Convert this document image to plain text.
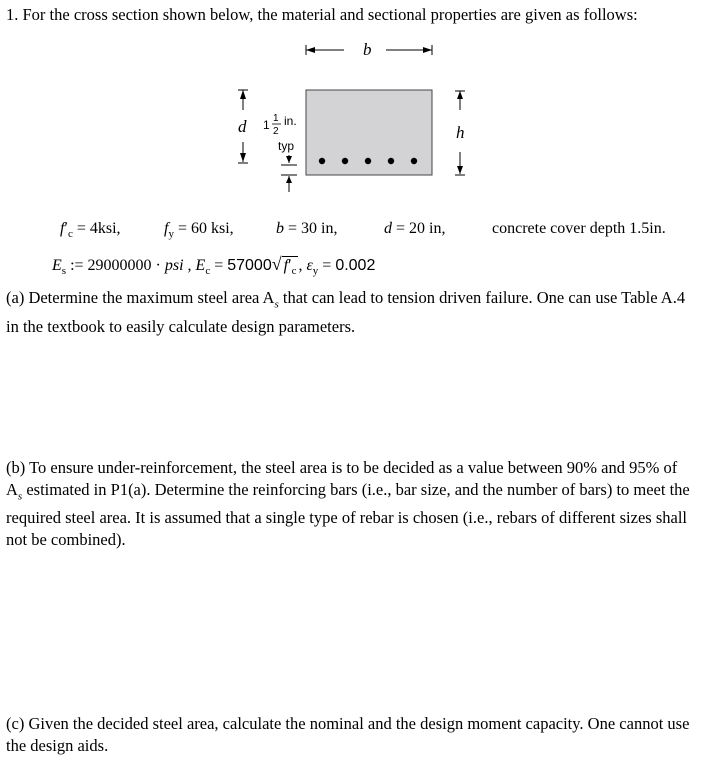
1. For the cross section shown below, the material and sectional properties are given as follows:
b
d 1 1
2
in.
typ
h
$f'_c = 4ksi$,	$f_y = 60$ ksi,	b = 30 in,	d = 20 in,	concrete cover depth 1.5in.
$E_s$ := 29000000 · psi , $E_c = 57000√$ $f'_c$ , $\varepsilon_y = 0.002$
(a) Determine the maximum steel area $A_s$ that can lead to tension driven failure. One can use Table A.4 in the textbook to easily calculate design parameters.
(b) To ensure under-reinforcement, the steel area is to be decided as a value between 90% and 95% of $A_s$ estimated in P1(a). Determine the reinforcing bars (i.e., bar size, and the number of bars) to meet the required steel area. It is assumed that a single type of rebar is chosen (i.e., rebars of different sizes shall not be combined).
(c) Given the decided steel area, calculate the nominal and the design moment capacity. One cannot use the design aids.
